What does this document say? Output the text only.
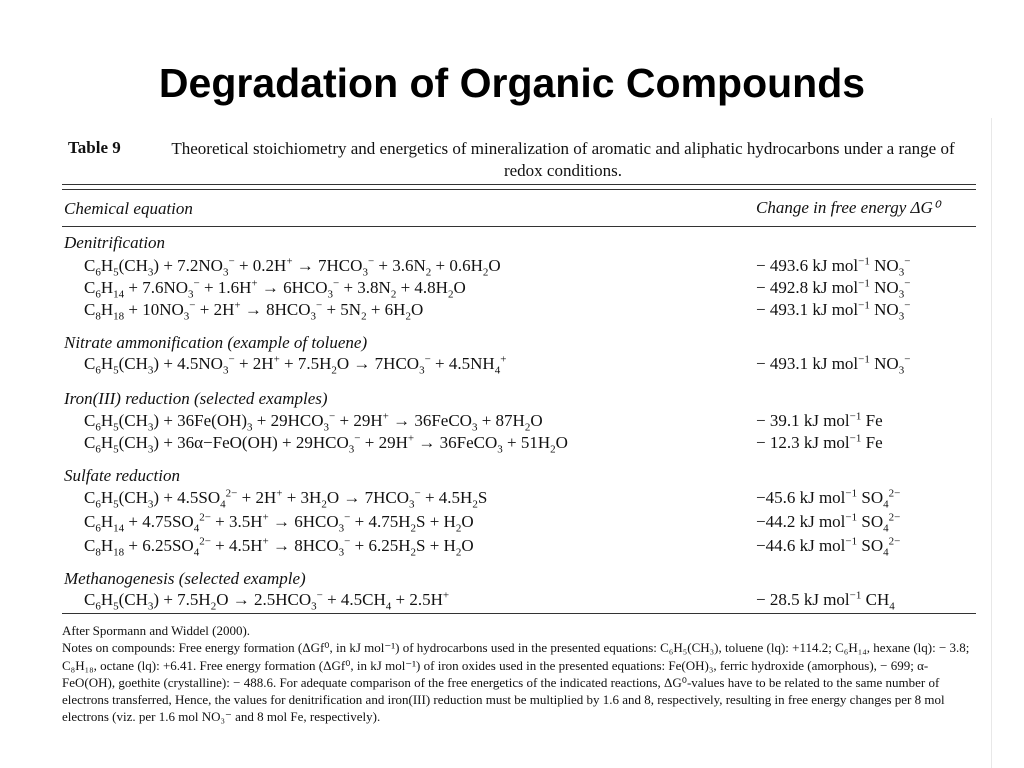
Degradation of Organic Compounds
Table 9	Theoretical stoichiometry and energetics of mineralization of aromatic and aliphatic hydrocarbons under a range of redox conditions.
Chemical equation	Change in free energy ΔG⁰
Denitrification
$C_6H_5(CH_3) + 7.2NO_3^- + 0.2H^+ \to 7HCO_3^- + 3.6N_2 + 0.6H_2O$	− 493.6 kJ mol$^{-1}$ $NO_3^-$
$C_6H_{14} + 7.6NO_3^- + 1.6H^+ \to 6HCO_3^- + 3.8N_2 + 4.8H_2O$	− 492.8 kJ mol$^{-1}$ $NO_3^-$
$C_8H_{18} + 10NO_3^- + 2H^+ \to 8HCO_3^- + 5N_2 + 6H_2O$	− 493.1 kJ mol$^{-1}$ $NO_3^-$
Nitrate ammonification (example of toluene)
$C_6H_5(CH_3) + 4.5NO_3^- + 2H^+ + 7.5H_2O \to 7HCO_3^- + 4.5NH_4^+$	− 493.1 kJ mol$^{-1}$ $NO_3^-$
Iron(III) reduction (selected examples)
$C_6H_5(CH_3) + 36Fe(OH)_3 + 29HCO_3^- + 29H^+$ → 36FeCO$_3$ + $87H_2O$	− 39.1 kJ mol$^{-1}$ Fe
$C_6H_5(CH_3) + 36\alpha-FeO(OH) + 29HCO_3^- + 29H^+$ → 36FeCO$_3$ + $51H_2O$	− 12.3 kJ mol$^{-1}$ Fe
Sulfate reduction
$C_6H_5(CH_3) + 4.5SO_4^{2-} + 2H^+ + 3H_2O \to 7HCO_3^- + 4.5H_2S$	−45.6 kJ mol$^{-1}$ $SO_4^{2-}$
$C_6H_{14} + 4.75SO_4^{2-} + 3.5H^+ \to 6HCO_3^- + 4.75H_2S + H_2O$	−44.2 kJ mol$^{-1}$ $SO_4^{2-}$
$C_8H_{18} + 6.25SO_4^{2-} + 4.5H^+ \to 8HCO_3^- + 6.25H_2S + H_2O$	−44.6 kJ mol$^{-1}$ $SO_4^{2-}$
Methanogenesis (selected example)
$C_6H_5(CH_3) + 7.5H_2O \to 2.5HCO_3^- + 4.5CH_4 + 2.5H^+$	− 28.5 kJ mol$^{-1}$ $CH_4$

After Spormann and Widdel (2000).

Notes on compounds: Free energy formation (ΔGf⁰, in kJ mol⁻¹) of hydrocarbons used in the presented equations: C₆H₅(CH₃), toluene (lq): +114.2; C₆H₁₄, hexane (lq): − 3.8; C₈H₁₈, octane (lq): +6.41. Free energy formation (ΔGf⁰, in kJ mol⁻¹) of iron oxides used in the presented equations: Fe(OH)₃, ferric hydroxide (amorphous), − 699; α-FeO(OH), goethite (crystalline): − 488.6. For adequate comparison of the free energetics of the indicated reactions, ΔG⁰-values have to be related to the same number of electrons transferred, Hence, the values for denitrification and iron(III) reduction must be multiplied by 1.6 and 8, respectively, resulting in free energy changes per 8 mol electrons (viz. per 1.6 mol NO₃⁻ and 8 mol Fe, respectively).
